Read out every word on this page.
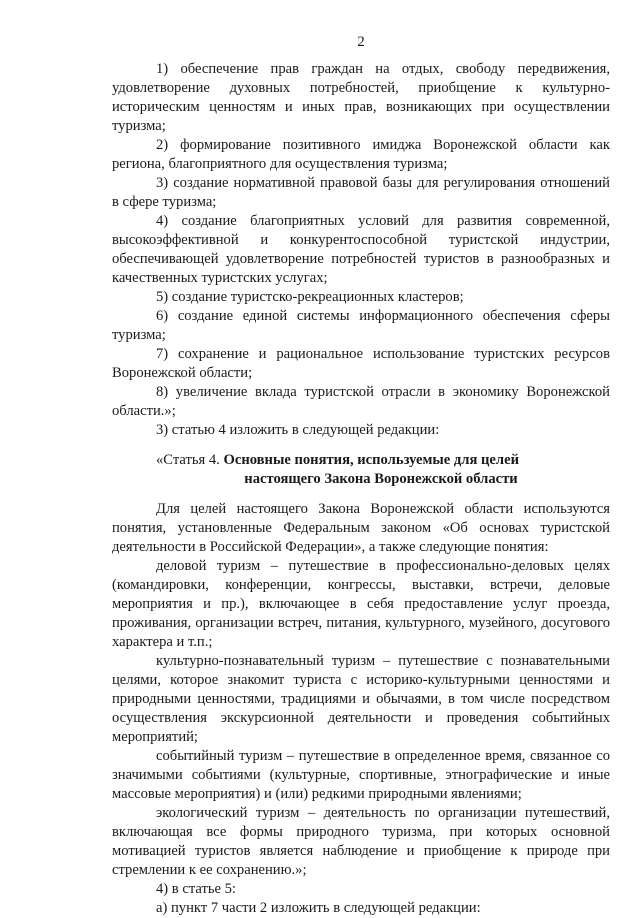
2

1) обеспечение прав граждан на отдых, свободу передвижения, удовлетворение духовных потребностей, приобщение к культурно-историческим ценностям и иных прав, возникающих при осуществлении туризма;

2) формирование позитивного имиджа Воронежской области как региона, благоприятного для осуществления туризма;

3) создание нормативной правовой базы для регулирования отношений в сфере туризма;

4) создание благоприятных условий для развития современной, высокоэффективной и конкурентоспособной туристской индустрии, обеспечивающей удовлетворение потребностей туристов в разнообразных и качественных туристских услугах;

5) создание туристско-рекреационных кластеров;

6) создание единой системы информационного обеспечения сферы туризма;

7) сохранение и рациональное использование туристских ресурсов Воронежской области;

8) увеличение вклада туристской отрасли в экономику Воронежской области.»;

3) статью 4 изложить в следующей редакции:

«Статья 4. Основные понятия, используемые для целей
настоящего Закона Воронежской области

Для целей настоящего Закона Воронежской области используются понятия, установленные Федеральным законом «Об основах туристской деятельности в Российской Федерации», а также следующие понятия:

деловой туризм – путешествие в профессионально-деловых целях (командировки, конференции, конгрессы, выставки, встречи, деловые мероприятия и пр.), включающее в себя предоставление услуг проезда, проживания, организации встреч, питания, культурного, музейного, досугового характера и т.п.;

культурно-познавательный туризм – путешествие с познавательными целями, которое знакомит туриста с историко-культурными ценностями и природными ценностями, традициями и обычаями, в том числе посредством осуществления экскурсионной деятельности и проведения событийных мероприятий;

событийный туризм – путешествие в определенное время, связанное со значимыми событиями (культурные, спортивные, этнографические и иные массовые мероприятия) и (или) редкими природными явлениями;

экологический туризм – деятельность по организации путешествий, включающая все формы природного туризма, при которых основной мотивацией туристов является наблюдение и приобщение к природе при стремлении к ее сохранению.»;

4) в статье 5:

а) пункт 7 части 2 изложить в следующей редакции:
